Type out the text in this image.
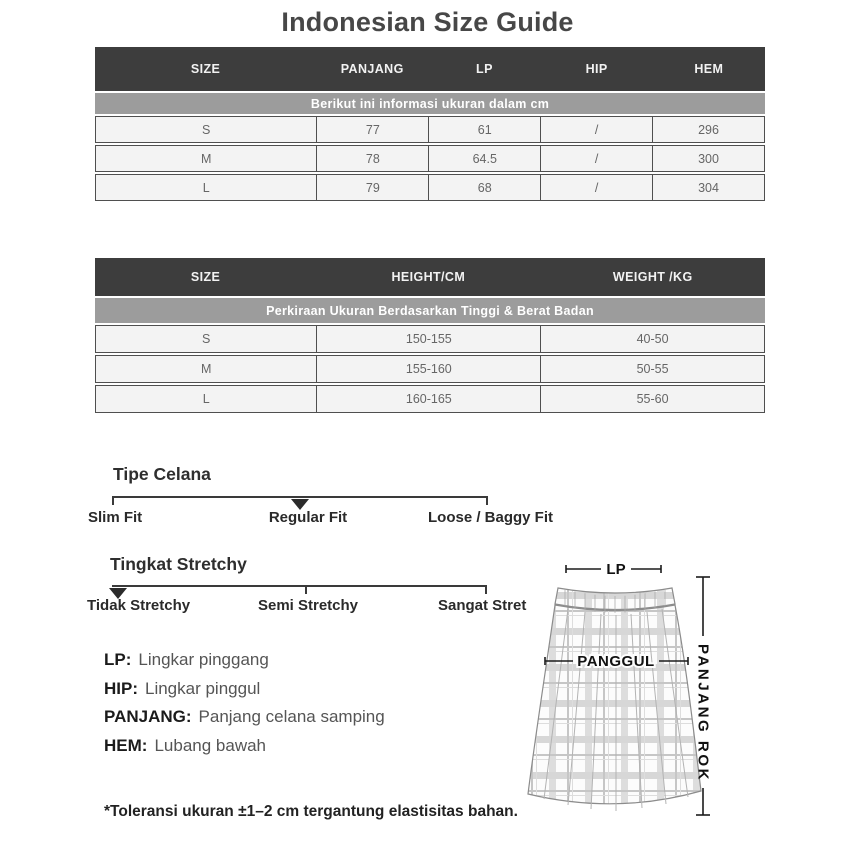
Indonesian Size Guide
SIZE	PANJANG	LP	HIP	HEM
Berikut ini informasi ukuran dalam cm
S	77	61	/	296
M	78	64.5	/	300
L	79	68	/	304
SIZE	HEIGHT/CM	WEIGHT /KG
Perkiraan Ukuran Berdasarkan Tinggi & Berat Badan
S	150-155	40-50
M	155-160	50-55
L	160-165	55-60
Tipe Celana
Slim Fit	Regular Fit	Loose / Baggy Fit
Tingkat Stretchy
Tidak Stretchy	Semi Stretchy	Sangat Stret
LP: Lingkar pinggang
HIP: Lingkar pinggul
PANJANG: Panjang celana samping
HEM: Lubang bawah
*Toleransi ukuran ±1–2 cm tergantung elastisitas bahan.
LP
PANGGUL	PANJANG ROK
